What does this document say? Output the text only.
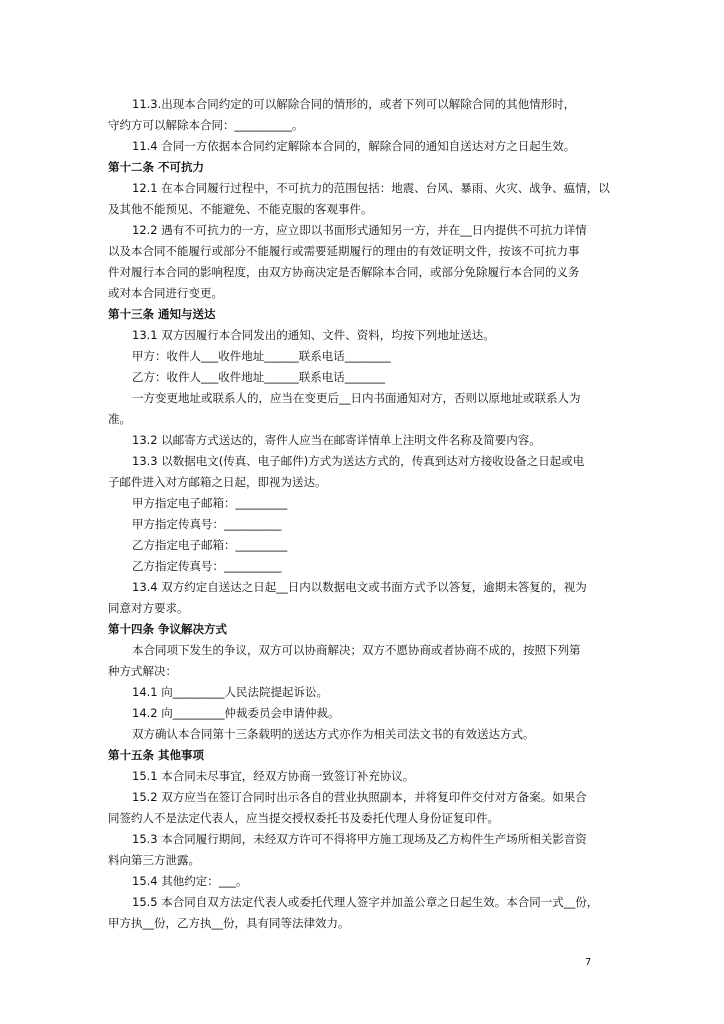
11.3.出现本合同约定的可以解除合同的情形的，或者下列可以解除合同的其他情形时，
守约方可以解除本合同：__________。
11.4 合同一方依据本合同约定解除本合同的，解除合同的通知自送达对方之日起生效。
第十二条 不可抗力
12.1 在本合同履行过程中，不可抗力的范围包括：地震、台风、暴雨、火灾、战争、瘟情，以
及其他不能预见、不能避免、不能克服的客观事件。
12.2 遇有不可抗力的一方，应立即以书面形式通知另一方，并在__日内提供不可抗力详情
以及本合同不能履行或部分不能履行或需要延期履行的理由的有效证明文件，按该不可抗力事
件对履行本合同的影响程度，由双方协商决定是否解除本合同，或部分免除履行本合同的义务
或对本合同进行变更。
第十三条 通知与送达
13.1 双方因履行本合同发出的通知、文件、资料，均按下列地址送达。
甲方：收件人___收件地址______联系电话________
乙方：收件人___收件地址______联系电话_______
一方变更地址或联系人的，应当在变更后__日内书面通知对方，否则以原地址或联系人为
准。
13.2 以邮寄方式送达的，寄件人应当在邮寄详情单上注明文件名称及简要内容。
13.3 以数据电文(传真、电子邮件)方式为送达方式的，传真到达对方接收设备之日起或电
子邮件进入对方邮箱之日起，即视为送达。
甲方指定电子邮箱：_________
甲方指定传真号：__________
乙方指定电子邮箱：_________
乙方指定传真号：__________
13.4 双方约定自送达之日起__日内以数据电文或书面方式予以答复，逾期未答复的，视为
同意对方要求。
第十四条 争议解决方式
本合同项下发生的争议，双方可以协商解决；双方不愿协商或者协商不成的，按照下列第
种方式解决：
14.1 向_________人民法院提起诉讼。
14.2 向_________仲裁委员会申请仲裁。
双方确认本合同第十三条载明的送达方式亦作为相关司法文书的有效送达方式。
第十五条 其他事项
15.1 本合同未尽事宜，经双方协商一致签订补充协议。
15.2 双方应当在签订合同时出示各自的营业执照副本，并将复印件交付对方备案。如果合
同签约人不是法定代表人，应当提交授权委托书及委托代理人身份证复印件。
15.3 本合同履行期间，未经双方许可不得将甲方施工现场及乙方构件生产场所相关影音资
料向第三方泄露。
15.4 其他约定：___。
15.5 本合同自双方法定代表人或委托代理人签字并加盖公章之日起生效。本合同一式__份，
甲方执__份，乙方执__份，具有同等法律效力。
7
